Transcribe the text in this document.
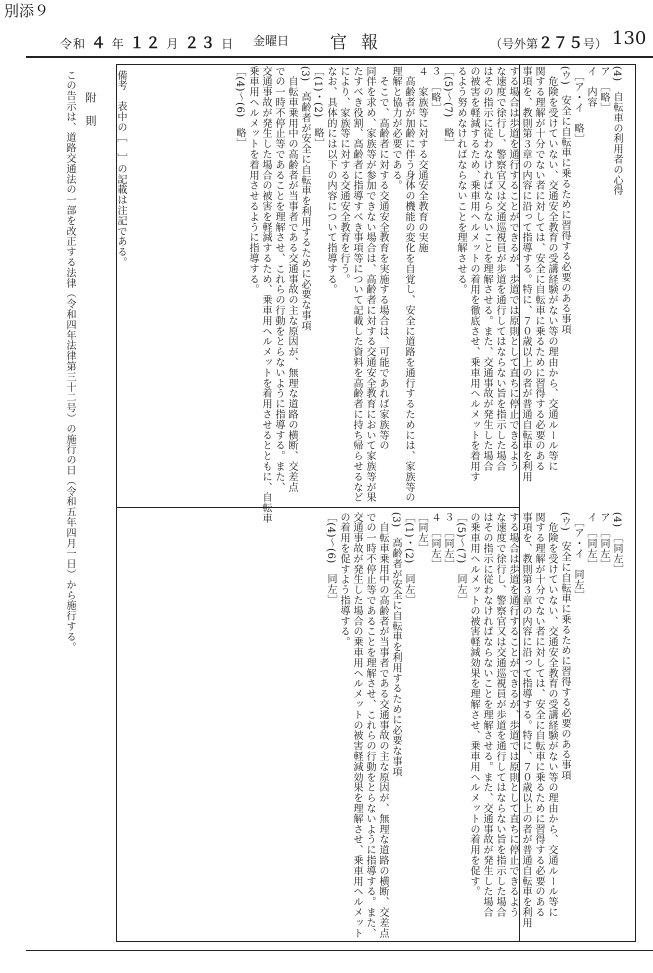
別添９
令和 ４ 年 １２ 月 ２３ 日 金曜日 官報	（号外第２７５号） 130
(4)　自転車の利用者の心得
ア　［略］
イ　内容
　［ア・イ　略］
(ウ)　安全に自転車に乗るために習得する必要のある事項
　危険を受けていない、交通安全教育の受講経験がない等の理由から、交通ルール等に
関する理解が十分でない者に対しては、安全に自転車に乗るために習得する必要のある
事項を、教則第３章の内容に沿って指導する。特に、７０歳以上の者が普通自転車を利用
する場合は歩道を通行することができるが、歩道では原則として直ちに停止できるよう
な速度で徐行し、警察官又は交通巡視員が歩道を通行してはならない旨を指示した場合
はその指示に従わなければならないことを理解させる。また、交通事故が発生した場合
の被害を軽減するため、乗車用ヘルメットの着用を徹底させ、乗車用ヘルメットを着用す
るよう努めなければならないことを理解させる。
［(5)～(7)　略］
３　［略］
４　家族等に対する交通安全教育の実施
　高齢者が加齢に伴う身体の機能の変化を自覚し、安全に道路を通行するためには、家族等の
理解と協力が必要である。
　そこで、高齢者に対する交通安全教育を実施する場合は、可能であれば家族等の
同伴を求め、家族等が参加できない場合は、高齢者に対する交通安全教育において家族等が果
たすべき役割、高齢者に指導すべき事項等について記載した資料を高齢者に持ち帰らせるなど
により、家族等に対する交通安全教育を行う。
なお、具体的には以下の内容について指導する。
［(1)・(2)　略］
(3)　高齢者が安全に自転車を利用するために必要な事項
　自転車乗用中の高齢者が当事者である交通事故の主な原因が、無理な道路の横断、交差点
での一時不停止等であることを理解させ、これらの行動をとらないように指導する。また、
交通事故が発生した場合の被害を軽減するため、乗車用ヘルメットを着用させるとともに、自転車
乗車用ヘルメットを着用させるように指導する。
［(4)～(6)　略］
(4)　［同左］
ア　［同左］
イ　［同左］
　［ア・イ　同左］
(ウ)　安全に自転車に乗るために習得する必要のある事項
　危険を受けていない、交通安全教育の受講経験がない等の理由から、交通ルール等に
関する理解が十分でない者に対しては、安全に自転車に乗るために習得する必要のある
事項を、教則第３章の内容に沿って指導する。特に、７０歳以上の者が普通自転車を利用
する場合は歩道を通行することができるが、歩道では原則として直ちに停止できるよう
な速度で徐行し、警察官又は交通巡視員が歩道を通行してはならない旨を指示した場合
はその指示に従わなければならないことを理解させる。また、交通事故が発生した場合
の乗車用ヘルメットの被害軽減効果を理解させ、乗車用ヘルメットの着用を促す。
［(5)～(7)　同左］
３　［同左］
４　［同左］
［同左］
［(1)・(2)　同左］
(3)　高齢者が安全に自転車を利用するために必要な事項
　自転車乗用中の高齢者が当事者である交通事故の主な原因が、無理な道路の横断、交差点
での一時不停止等であることを理解させ、これらの行動をとらないように指導する。また、
交通事故が発生した場合の乗車用ヘルメットの被害軽減効果を理解させ、乗車用ヘルメット
の着用を促すよう指導する。
［(4)～(6)　同左］
備考　表中の［　］の記載は注記である。
附　則
この告示は、道路交通法の一部を改正する法律（令和四年法律第三十二号）の施行の日（令和五年四月一日）から施行する。
